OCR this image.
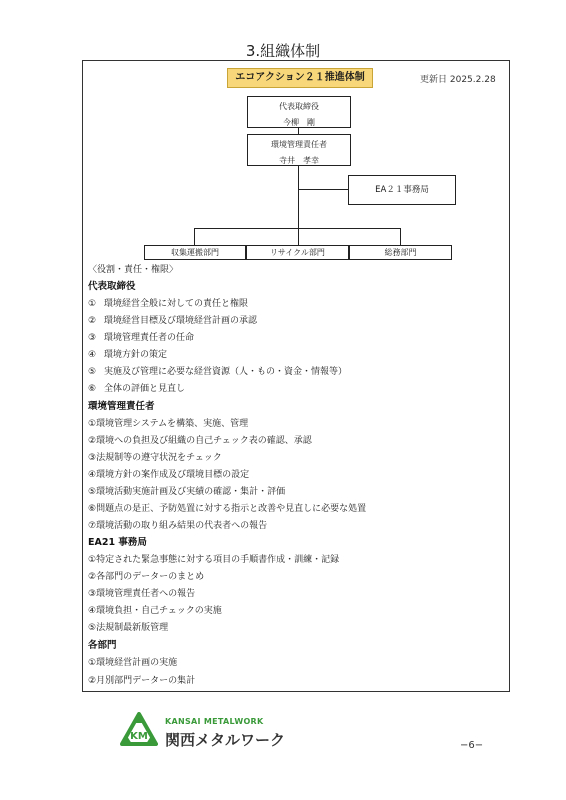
3.組織体制
エコアクション２１推進体制	更新日 2025.2.28
代表取締役
今柳　剛
環境管理責任者
寺井　孝幸
EA２１事務局
収集運搬部門	リサイクル部門	総務部門
〈役割・責任・権限〉
代表取締役
① 環境経営全般に対しての責任と権限
② 環境経営目標及び環境経営計画の承認
③ 環境管理責任者の任命
④ 環境方針の策定
⑤ 実施及び管理に必要な経営資源（人・もの・資金・情報等）
⑥ 全体の評価と見直し
環境管理責任者
①環境管理システムを構築、実施、管理
②環境への負担及び組織の自己チェック表の確認、承認
③法規制等の遵守状況をチェック
④環境方針の案作成及び環境目標の設定
⑤環境活動実施計画及び実績の確認・集計・評価
⑥問題点の是正、予防処置に対する指示と改善や見直しに必要な処置
⑦環境活動の取り組み結果の代表者への報告
EA21 事務局
①特定された緊急事態に対する項目の手順書作成・訓練・記録
②各部門のデーターのまとめ
③環境管理責任者への報告
④環境負担・自己チェックの実施
⑤法規制最新版管理
各部門
①環境経営計画の実施
②月別部門データーの集計
KM
KANSAI METALWORK
関西メタルワーク	−6−
